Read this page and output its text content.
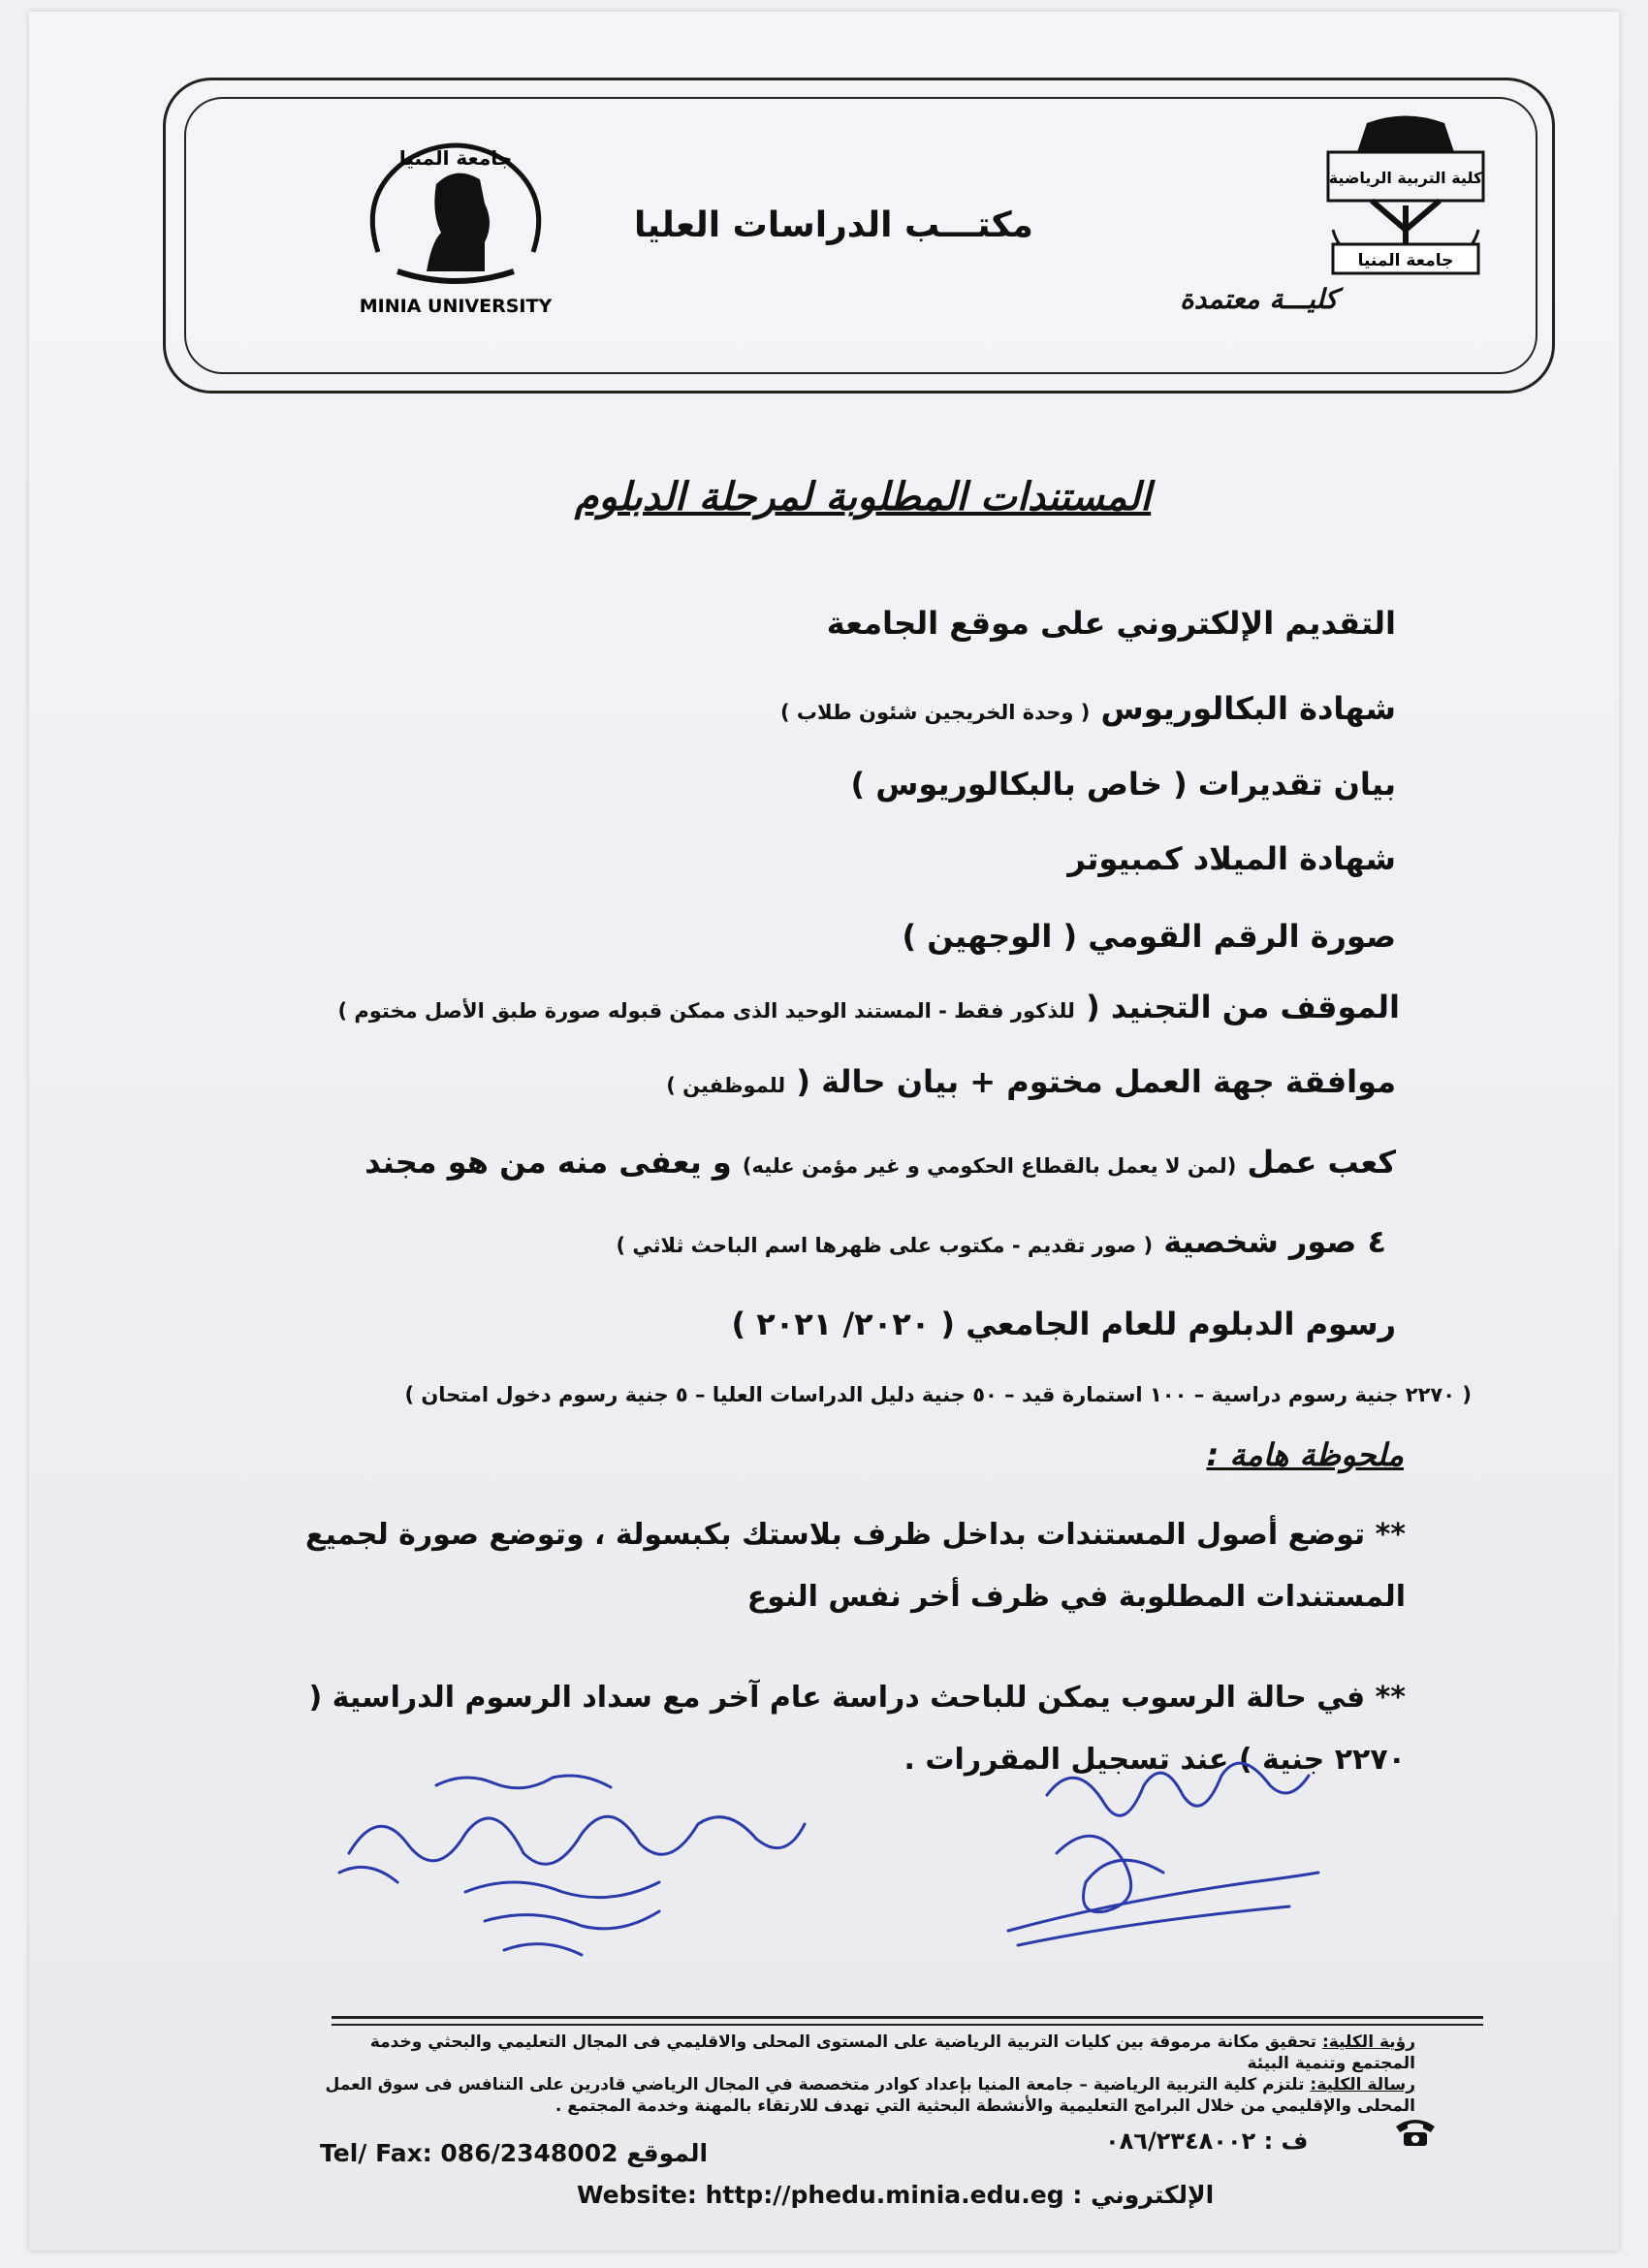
جامعة المنيا
MINIA UNIVERSITY
مكتـــب الدراسات العليا
كليـــة معتمدة
كلية التربية الرياضية
جامعة المنيا
المستندات المطلوبة لمرحلة الدبلوم
التقديم الإلكتروني على موقع الجامعة
شهادة البكالوريوس ( وحدة الخريجين شئون طلاب )
بيان تقديرات ( خاص بالبكالوريوس )
شهادة الميلاد كمبيوتر
صورة الرقم القومي ( الوجهين )
الموقف من التجنيد ( للذكور فقط - المستند الوحيد الذى ممكن قبوله صورة طبق الأصل مختوم )
موافقة جهة العمل مختوم + بيان حالة ( للموظفين )
كعب عمل (لمن لا يعمل بالقطاع الحكومي و غير مؤمن عليه) و يعفى منه من هو مجند
٤ صور شخصية ( صور تقديم - مكتوب على ظهرها اسم الباحث ثلاثي )
رسوم الدبلوم للعام الجامعي ( ٢٠٢٠/ ٢٠٢١ )
( ٢٢٧٠ جنية رسوم دراسية – ١٠٠ استمارة قيد – ٥٠ جنية دليل الدراسات العليا – ٥ جنية رسوم دخول امتحان )
ملحوظة هامة :
** توضع أصول المستندات بداخل ظرف بلاستك بكبسولة ، وتوضع صورة لجميع المستندات المطلوبة في ظرف أخر نفس النوع
** في حالة الرسوب يمكن للباحث دراسة عام آخر مع سداد الرسوم الدراسية ( ٢٢٧٠ جنية ) عند تسجيل المقررات .
رؤية الكلية: تحقيق مكانة مرموقة بين كليات التربية الرياضية على المستوى المحلى والاقليمي فى المجال التعليمي والبحثي وخدمة المجتمع وتنمية البيئة
رسالة الكلية: تلتزم كلية التربية الرياضية – جامعة المنيا بإعداد كوادر متخصصة في المجال الرياضي قادرين على التنافس فى سوق العمل المحلى والإقليمي من خلال البرامج التعليمية والأنشطة البحثية التي تهدف للارتقاء بالمهنة وخدمة المجتمع .
ف : ٠٨٦/٢٣٤٨٠٠٢
Tel/ Fax: 086/2348002 الموقع
Website: http://phedu.minia.edu.eg : الإلكتروني
